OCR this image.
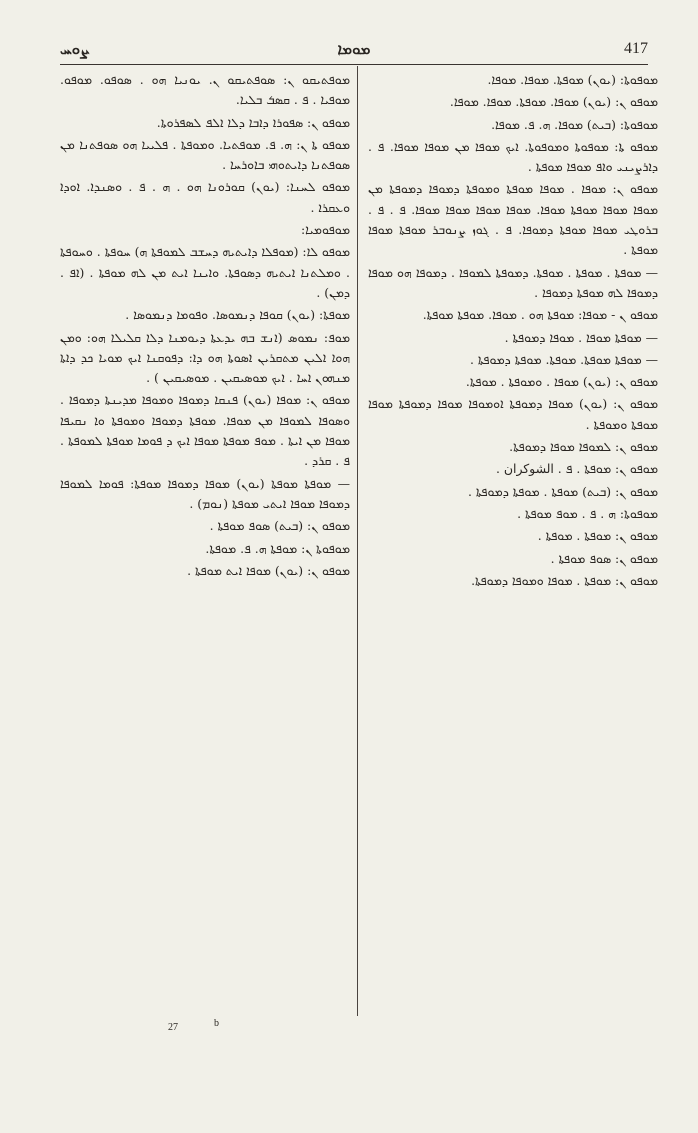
ܨܘܚ	ܡܘܡܐ	417
ܡܘܦܘܬܐ: (ܝܘܢ) ܡܘܦܬܐ. ܡܘܦܐ. ܡܘܦܐ.
ܡܘܦܘ ܢ: (ܝܘܢ) ܡܘܦܐ. ܡܘܦܬܐ. ܡܘܦܐ. ܡܘܦܐ.
ܡܘܦܘܬܐ: (ܒܝܬ) ܡܘܦܐ. ܗ. ܦ. ܡܘܦܐ.
ܡܘܦܘ ܬܐ: ܡܘܦܘܬܐ ܘܡܘܦܘܬܐ. ܐܝܟ ܡܘܦܐ ܡܢ ܡܘܦܐ ܡܘܦܐ. ܦ . ܕܐܪܨܝܢܝ ܘܐܦ ܡܘܦܐ ܡܘܦܬܐ .
ܡܘܦܘ ܢ: ܡܘܦܐ . ܡܘܦܐ ܡܘܦܬܐ ܘܡܘܦܬܐ ܕܡܘܦܐ ܕܡܘܦܬܐ ܡܢ ܡܘܦܐ ܡܘܦܐ ܡܘܦܬܐ ܡܘܦܐ. ܡܘܦܐ ܡܘܦܐ ܡܘܦܐ ܡܘܦܐ. ܦ . ܦ . ܒܪܘܛܝ ܡܘܦܐ ܡܘܦܬܐ ܕܡܘܦܐ. ܦ . ܓܘܙ ܨܢܘܒܪ ܡܘܦܬܐ ܡܘܦܐ ܡܘܦܬܐ .
— ܡܘܦܬܐ . ܡܘܦܬܐ . ܡܘܦܬܐ. ܕܡܘܦܬܐ ܠܡܘܦܐ . ܕܡܘܦܐ ܗܘ ܡܘܦܐ ܕܡܘܦܐ ܠܗ ܡܘܦܬܐ ܕܡܘܦܐ .
ܡܘܦܘ ܢ - ܡܘܦܐ: ܡܘܦܬܐ ܗܘ . ܡܘܦܐ. ܡܘܦܬܐ ܡܘܦܬܐ.
— ܡܘܦܬܐ ܡܘܦܐ . ܡܘܦܐ ܕܡܘܦܬܐ .
— ܡܘܦܬܐ ܡܘܦܬܐ. ܡܘܦܬܐ. ܡܘܦܬܐ ܕܡܘܦܬܐ .
ܡܘܦܘ ܢ: (ܝܘܢ) ܡܘܦܐ . ܘܡܘܦܬܐ . ܡܘܦܬܐ.
ܡܘܦܘ ܢ: (ܝܘܢ) ܡܘܦܐ ܕܡܘܦܬܐ ܐܘܡܘܦܐ ܡܘܦܐ ܕܡܘܦܬܐ ܡܘܦܐ ܡܘܦܬܐ ܘܡܘܦܬܐ .
ܡܘܦܘ ܢ: ܠܡܘܦܐ ܡܘܦܐ ܕܡܘܦܬܐ.
ܡܘܦܘ ܢ: ܡܘܦܬܐ . ܦ . الشوكران .
ܡܘܦܘ ܢ: (ܒܝܬ) ܡܘܦܬܐ . ܡܘܦܬܐ ܕܡܘܦܬܐ .
ܡܘܦܘܬܐ: ܗ . ܦ . ܡܘܦ ܡܘܦܬܐ .
ܡܘܦܘ ܢ: ܡܘܦܬܐ . ܡܘܦܬܐ .
ܡܘܦܘ ܢ: ܣܘܦ ܡܘܦܬܐ .
ܡܘܦܘ ܢ: ܡܘܦܬܐ . ܡܘܦܐ ܘܡܘܦܐ ܕܡܘܦܬܐ.
ܡܘܦܬܝܩܘ ܢ: ܣܘܦܬܝܩܘ ܢ. ܝܘܢܝܐ ܗܘ . ܣܘܦܘ. ܡܘܦܘ. ܡܘܦܝܐ . ܦ . ܩܣܭ ܒܠܝܐ.
ܡܘܦܘ ܢ: ܣܦܘܪܐ ܕܐܒܐ ܕܠܐ ܐܠܦ ܠܣܦܪܘܬܐ.
ܡܘܦܘ ܬܐ ܢ: ܗ. ܦ. ܡܘܦܬܝܐ. ܘܡܘܦܬܐ . ܦܠܝܝܐ ܗܘ ܣܘܦܬܢܐ ܡܢ ܣܘܦܬܢܐ ܕܐܝܬܘܗܝ ܒܐܘܪܚܐ .
ܡܘܦܘ ܠܚܢܐ: (ܝܘܢ) ܩܘܪܘܢܐ ܗܘ . ܗ . ܦ . ܘܣܢܕܐ. ܐܘܕܐ ܘܥܩܪܐ .
ܡܘܦܘܡܝܐ:
ܡܘܦܘ ܠܐ: (ܡܘܦܠܐ ܕܐܝܬܝܗ ܕܚܫܒ ܠܡܘܦܬܐ ܗ) ܚܘܦܬܐ . ܘܚܘܦܬܐ . ܘܡܠܬܢܐ ܐܝܬܝܗ ܕܣܘܦܬܐ. ܘܐܝܢܐ ܐܝܬ ܡܢ ܠܗ ܡܘܦܬܐ . (ܐܦ . ܕܡܢ) .
ܡܘܦܬܐ: (ܝܘܢ) ܩܘܦܐ ܕܢܡܘܣܐ. ܘܦܘܡܐ ܕܢܡܘܣܐ .
ܡܘܦ: ܢܡܘܣ (ܐܢܫ ܒܗ ܝܕܥܬܐ ܕܝܘܡܢܐ ܕܠܐ ܩܠܝܠܐ ܗܘ: ܘܡܢ ܗܘܐ ܐܠܝܢ ܡܬܩܪܝܢ ܐܣܘܬܐ ܗܘ ܕܐ: ܕܦܘܩܢܐ ܐܝܟ ܡܘܝܐ ܟܕ ܕܐܬܐ ܡܢܗܘܢ ܐܚܐ . ܐܝܟ ܡܘܣܝܩܝܢ . ܡܘܣܝܩܝܢ ) .
ܡܘܦܘ ܢ: ܡܘܦܐ (ܝܘܢ) ܦܢܩܐ ܕܡܘܦܐ ܘܡܘܦܐ ܡܕܝܢܬܐ ܕܡܘܦܐ . ܘܣܘܦܐ ܠܡܘܦܐ ܡܢ ܡܘܦܐ. ܡܘܦܬܐ ܕܡܘܦܐ ܘܡܘܦܬܐ ܘܐ ܢܩܝܦܐ ܡܘܦܐ ܡܢ ܐܝܬܐ . ܡܘܦ ܡܘܦܬܐ ܡܘܦܐ ܐܝܟ ܕ ܦܘܡܐ ܡܘܦܬܐ ܠܡܘܦܬܐ . ܦ . ܩܪܕ .
— ܡܘܦܬܐ ܡܘܦܬܐ (ܝܘܢ) ܡܘܦܐ ܕܡܘܦܐ ܡܘܦܬܐ: ܦܘܡܐ ܠܡܘܦܐ ܕܡܘܦܐ ܡܘܦܐ ܐܝܬܝ ܡܘܦܬܐ (ܢܘܡ) .
ܡܘܦܘ ܢ: (ܒܝܬ) ܣܘܦ ܡܘܦܬܐ .
ܡܘܦܘܬܐ ܢ: ܡܘܦܬܐ ܗ. ܦ. ܡܘܦܬܐ.
ܡܘܦܘ ܢ: (ܝܘܢ) ܡܘܦܐ ܐܝܬ ܡܘܦܬܐ .
27	b
